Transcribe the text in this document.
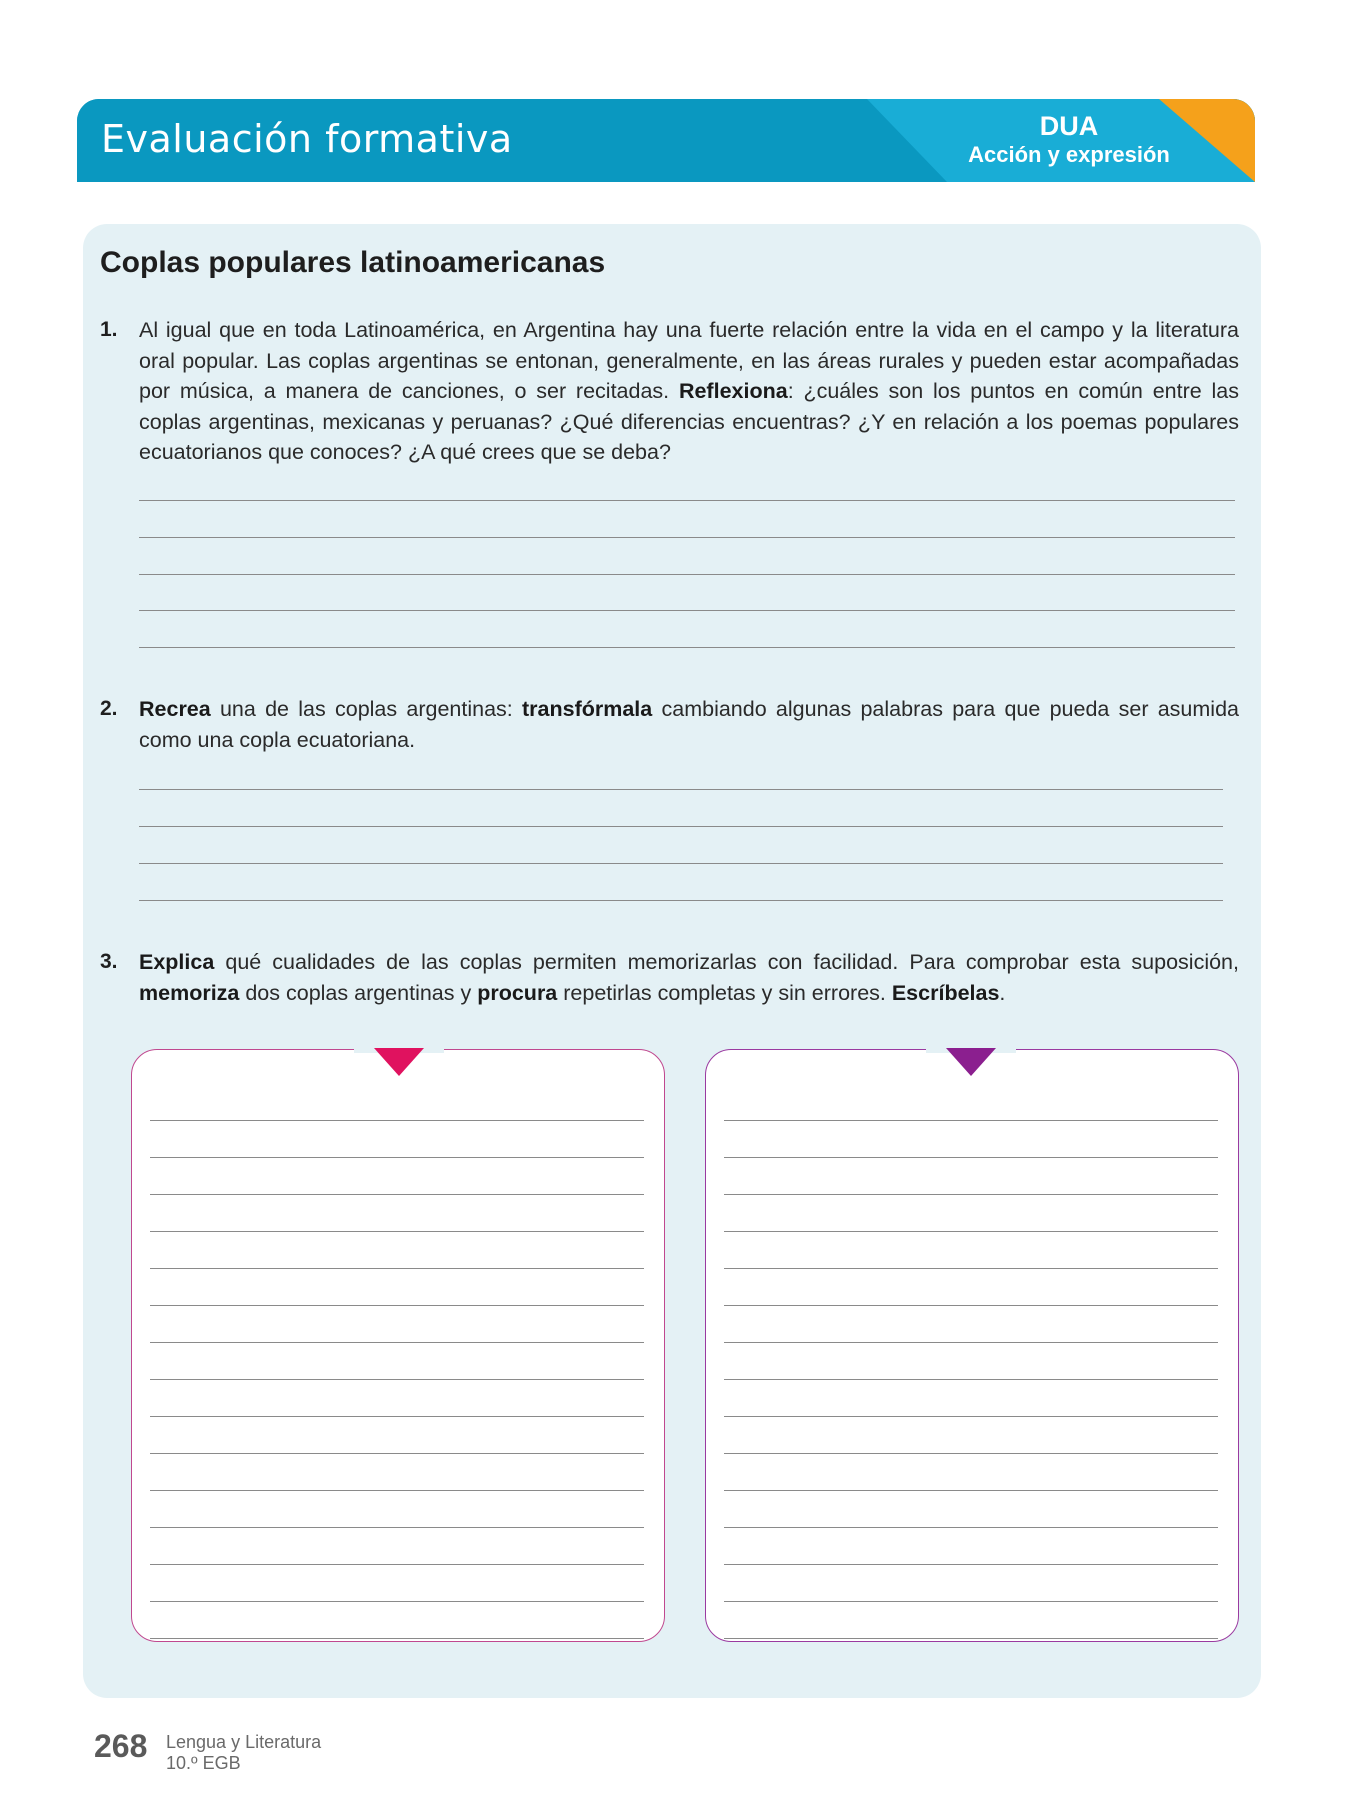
Evaluación formativa	DUA
Acción y expresión
Coplas populares latinoamericanas
1. Al igual que en toda Latinoamérica, en Argentina hay una fuerte relación entre la vida en el campo y la literatura oral popular. Las coplas argentinas se entonan, generalmente, en las áreas rurales y pueden estar acompañadas por música, a manera de canciones, o ser recitadas. Reflexiona: ¿cuáles son los puntos en común entre las coplas argentinas, mexicanas y peruanas? ¿Qué diferencias encuentras? ¿Y en relación a los poemas populares ecuatorianos que conoces? ¿A qué crees que se deba?
2. Recrea una de las coplas argentinas: transfórmala cambiando algunas palabras para que pueda ser asumida como una copla ecuatoriana.
3. Explica qué cualidades de las coplas permiten memorizarlas con facilidad. Para comprobar esta suposición, memoriza dos coplas argentinas y procura repetirlas completas y sin errores. Escríbelas.
268 Lengua y Literatura
10.º EGB
